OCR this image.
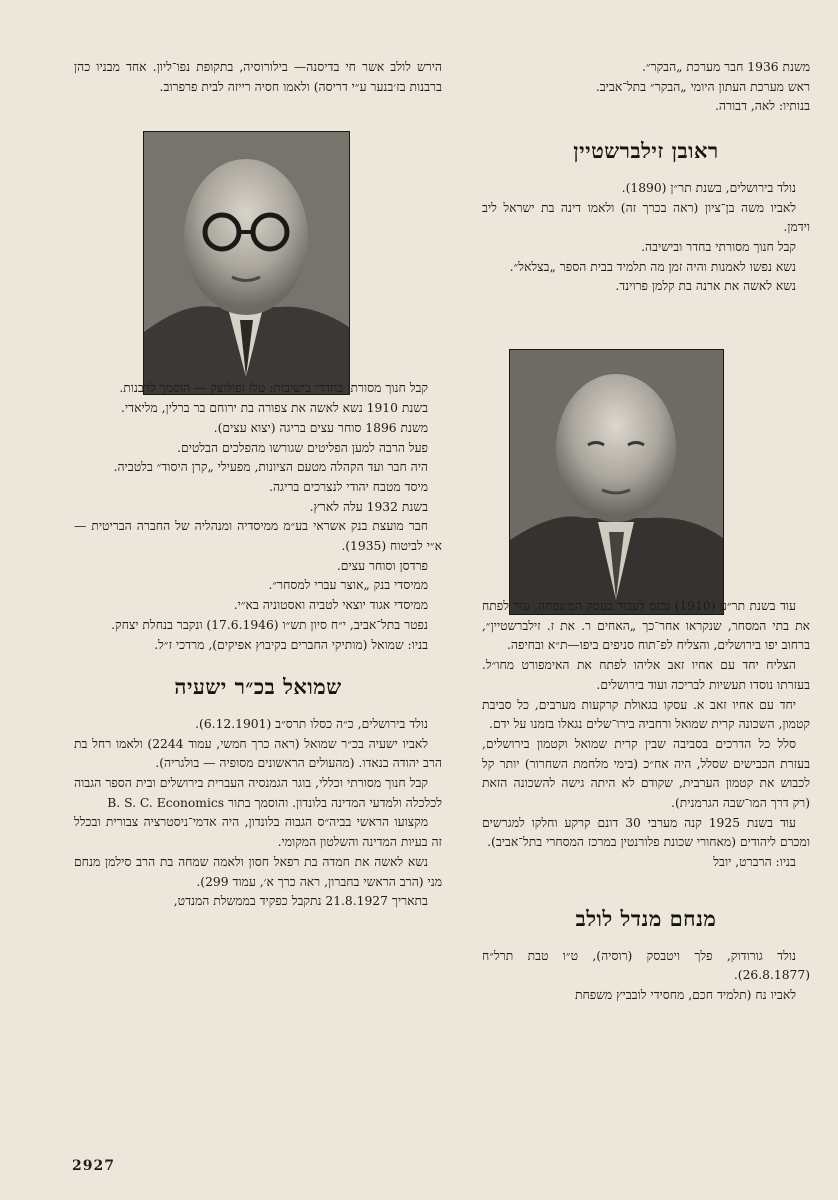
משנת 1936 חבר מערכת „הבקר״.

ראש מערכת העתון היומי „הבקר״ בתל־אביב.

בנותיו: לאה, דבורה.

ראובן זילברשטיין

נולד בירושלים, בשנת תר״ן (1890).

לאביו משה בן־ציון (ראה בכרך זה) ולאמו דינה בת ישראל ליב וידמן.

קבל חנוך מסורתי בחדר ובישיבה.

נשא נפשו לאמנות והיה זמן מה תלמיד בבית הספר „בצלאל״.

נשא לאשה את ארנה בת קלמן פרוינד.

עוד בשנת תר״ע (1910) נכנס לעבוד בעסק המשפחה, עזר לפתח את בתי המסחר, שנקראו אחר־כך „האחים ר. את ז. זילברשטיין״, ברחוב יפו בירושלים, והצליח לפ־תוח סניפים ביפו—ת״א ובחיפה.

הצליח יחד עם אחיו זאב אליהו לפתח את האימפורט מחו״ל. בעזרתו נוסדו תעשיות לבריכה ועוד בירושלים.

יחד עם אחיו זאב א. עסקו בגאולת קרקעות מערבים, כל סביבת קטמון, השכונה קרית שמואל ורחביה בירו־שלים נגאלו בזמנו על ידם.

סלל כל הדרכים בסביבה שבין קרית שמואל וקטמון בירושלים, בעזרת הכבישים שסלל, היה אח״כ (בימי מלחמת השחרור) יותר קל לכבוש את קטמון הערבית, שקודם לא היתה גישה להשכונה הזאת (רק דרך המו־שבה הגרמנית).

עוד בשנת 1925 קנה מערבי 30 דונם קרקע וחלקו למגרשים ומכרם ליהודים (מאחורי שכונת פלורנטין במרכז המסחרי בתל־אביב).

בניו: הרברט, יובל

מנחם מנדל לולב

נולד גורודוק, פלך ויטבסק (רוסיה), ט״ו טבת תרל״ח (26.8.1877).

לאביו נח (תלמיד חכם, מחסידי לובביץ משפחת

הירש לולב אשר חי בדיסנה— בילורוסיה, בתקופת נפו־ליון. אחד מבניו כהן ברבנות בז׳בנער ע״י דריסה) ולאמו חסיה רייזה לבית פרפרוב.

קבל חנוך מסורתי בחדרי בישיבות: טלז ופולוצק — הוסמך לרבנות.

בשנת 1910 נשא לאשה את צפורה בת ירוחם בר ברלין, מליאדי.

משנת 1896 סוחר עצים בריגה (יצוא עצים).

פעל הרבה למען הפליטים שגורשו מהפלכים הבלטים.

היה חבר ועד הקהלה מטעם הציונות, מפעילי „קרן היסוד״ בלטביה.

מיסד מטבח יהודי לנצרכים בריגה.

בשנת 1932 עלה לארץ.

חבר מועצת בנק אשראי בע״מ ממיסדיה ומנהליה של החברה הבריטית — א״י לביטוח (1935).

פרדסן וסוחר עצים.

ממיסדי בנק „אוצר עברי למסחר״.

ממיסדי אגוד יוצאי לטביה ואסטוניה בא״י.

נפטר בתל־אביב, י״ח סיון תש״ו (17.6.1946) ונקבר בנחלת יצחק.

בניו: שמואל (מותיקי החברים בקיבוץ אפיקים), מרדכי ז״ל.

שמואל בכ״ר ישעיה

נולד בירושלים, כ״ה כסלו תרס״ב (6.12.1901).

לאביו ישעיה בכ״ר שמואל (ראה כרך חמשי, עמוד 2244) ולאמו רחל בת הרב יהודה בנאדו. (מהעולים הראשונים מסופיה — בולגריה).

קבל חנוך מסורתי וכללי, בוגר הגמנסיה העברית בירושלים ובית הספר הגבוה לכלכלה ולמדעי המדינה בלונדון. והוסמך בתור B. S. C. Economics

מקצועו הראשי בביה״ס הגבוה בלונדון, היה אדמי־ניסטרציה צבורית ובכלל זה בעיות המדינה והשלטון המקומי.

נשא לאשה את חמדה בת רפאל חסון ולאמה שמחה בת הרב סילמן מנחם מני (הרב הראשי בחברון, ראה כרך א׳, עמוד 299).

בתאריך 21.8.1927 נתקבל כפקיד בממשלת המנדט,

2927
